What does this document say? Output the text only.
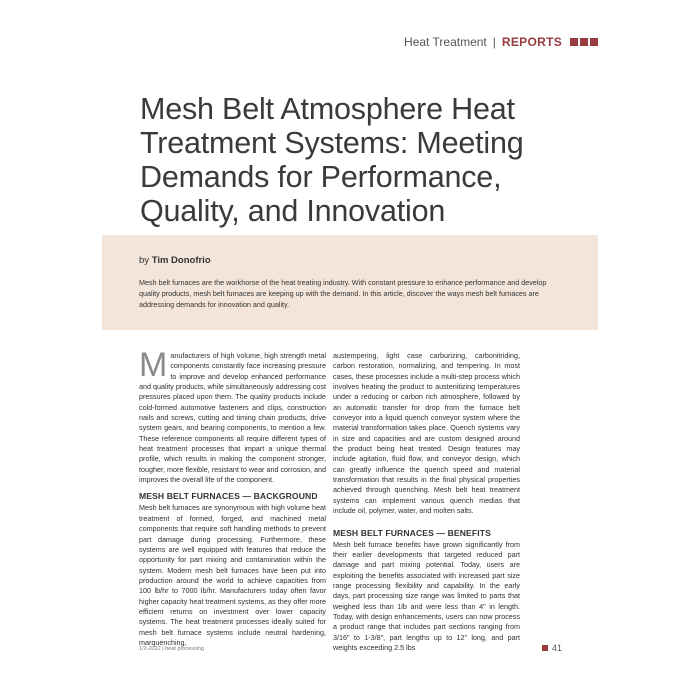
Heat Treatment | REPORTS
Mesh Belt Atmosphere Heat Treatment Systems: Meeting Demands for Performance, Quality, and Innovation
by Tim Donofrio

Mesh belt furnaces are the workhorse of the heat treating industry. With constant pressure to enhance performance and develop quality products, mesh belt furnaces are keeping up with the demand. In this article, discover the ways mesh belt furnaces are addressing demands for innovation and quality.

Manufacturers of high volume, high strength metal components constantly face increasing pressure to improve and develop enhanced performance and quality products, while simultaneously addressing cost pressures placed upon them. The quality products include cold-formed automotive fasteners and clips, construction nails and screws, cutting and timing chain products, drive system gears, and bearing components, to mention a few. These reference components all require different types of heat treatment processes that impart a unique thermal profile, which results in making the component stronger, tougher, more flexible, resistant to wear and corrosion, and improves the overall life of the component.

MESH BELT FURNACES — BACKGROUND

Mesh belt furnaces are synonymous with high volume heat treatment of formed, forged, and machined metal components that require soft handling methods to prevent part damage during processing. Furthermore, these systems are well equipped with features that reduce the opportunity for part mixing and contamination within the system. Modern mesh belt furnaces have been put into production around the world to achieve capacities from 100 lb/hr to 7000 lb/hr. Manufacturers today often favor higher capacity heat treatment systems, as they offer more efficient returns on investment over lower capacity systems. The heat treatment processes ideally suited for mesh belt furnace systems include neutral hardening, marquenching,

austempering, light case carburizing, carbonitriding, carbon restoration, normalizing, and tempering. In most cases, these processes include a multi-step process which involves heating the product to austenitizing temperatures under a reducing or carbon rich atmosphere, followed by an automatic transfer for drop from the furnace belt conveyor into a liquid quench conveyor system where the material transformation takes place. Quench systems vary in size and capacities and are custom designed around the product being heat treated. Design features may include agitation, fluid flow, and conveyor design, which can greatly influence the quench speed and material transformation that results in the final physical properties achieved through quenching. Mesh belt heat treatment systems can implement various quench medias that include oil, polymer, water, and molten salts.

MESH BELT FURNACES — BENEFITS

Mesh belt furnace benefits have grown significantly from their earlier developments that targeted reduced part damage and part mixing potential. Today, users are exploiting the benefits associated with increased part size range processing flexibility and capability. In the early days, part processing size range was limited to parts that weighed less than 1lb and were less than 4" in length. Today, with design enhancements, users can now process a product range that includes part sections ranging from 3/16" to 1-3/8", part lengths up to 12" long, and part weights exceeding 2.5 lbs

1/2-2022 | heat processing	41
